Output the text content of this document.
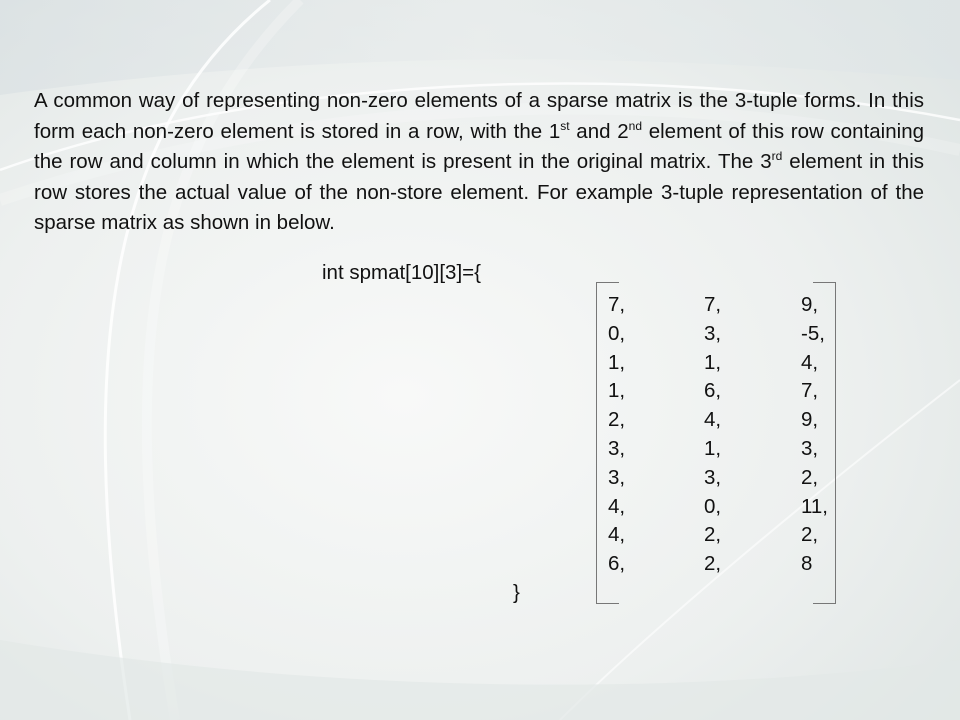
A common way of representing non-zero elements of a sparse matrix is the 3-tuple forms. In this form each non-zero element is stored in a row, with the 1st and 2nd element of this row containing the row and column in which the element is present in the original matrix. The 3rd element in this row stores the actual value of the non-store element. For example 3-tuple representation of the sparse matrix as shown in below.

int spmat[10][3]={
7,	7,	9,
0,	3,	-5,
1,	1,	4,
1,	6,	7,
2,	4,	9,
3,	1,	3,
3,	3,	2,
4,	0,	11,
4,	2,	2,
6,	2,	8
}
